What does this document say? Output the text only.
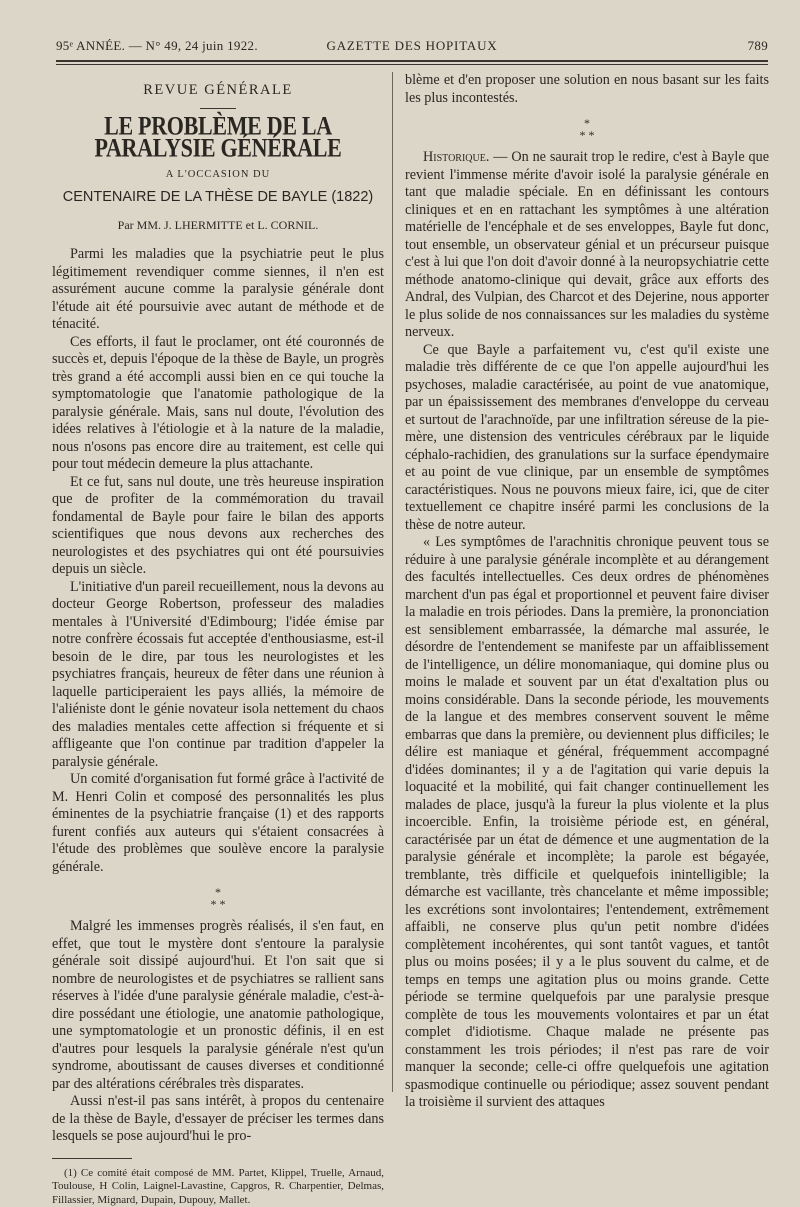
95ᵉ ANNÉE. — N° 49, 24 juin 1922.	GAZETTE DES HOPITAUX	789
REVUE GÉNÉRALE
LE PROBLÈME DE LA PARALYSIE GÉNÉRALE
A L'OCCASION DU
CENTENAIRE DE LA THÈSE DE BAYLE (1822)
Par MM. J. LHERMITTE et L. CORNIL.

Parmi les maladies que la psychiatrie peut le plus légitimement revendiquer comme siennes, il n'en est assurément aucune comme la paralysie générale dont l'étude ait été poursuivie avec autant de méthode et de ténacité.

Ces efforts, il faut le proclamer, ont été couronnés de succès et, depuis l'époque de la thèse de Bayle, un progrès très grand a été accompli aussi bien en ce qui touche la symptomatologie que l'anatomie pathologique de la paralysie générale. Mais, sans nul doute, l'évolution des idées relatives à l'étiologie et à la nature de la maladie, nous n'osons pas encore dire au traitement, est celle qui pour tout médecin demeure la plus attachante.

Et ce fut, sans nul doute, une très heureuse inspiration que de profiter de la commémoration du travail fondamental de Bayle pour faire le bilan des apports scientifiques que nous devons aux recherches des neurologistes et des psychiatres qui ont été poursuivies depuis un siècle.

L'initiative d'un pareil recueillement, nous la devons au docteur George Robertson, professeur des maladies mentales à l'Université d'Edimbourg; l'idée émise par notre confrère écossais fut acceptée d'enthousiasme, est-il besoin de le dire, par tous les neurologistes et les psychiatres français, heureux de fêter dans une réunion à laquelle participeraient les pays alliés, la mémoire de l'aliéniste dont le génie novateur isola nettement du chaos des maladies mentales cette affection si fréquente et si affligeante que l'on continue par tradition d'appeler la paralysie générale.

Un comité d'organisation fut formé grâce à l'activité de M. Henri Colin et composé des personnalités les plus éminentes de la psychiatrie française (1) et des rapports furent confiés aux auteurs qui s'étaient consacrées à l'étude des problèmes que soulève encore la paralysie générale.

*
* *

Malgré les immenses progrès réalisés, il s'en faut, en effet, que tout le mystère dont s'entoure la paralysie générale soit dissipé aujourd'hui. Et l'on sait que si nombre de neurologistes et de psychiatres se rallient sans réserves à l'idée d'une paralysie générale maladie, c'est-à-dire possédant une étiologie, une anatomie pathologique, une symptomatologie et un pronostic définis, il en est d'autres pour lesquels la paralysie générale n'est qu'un syndrome, aboutissant de causes diverses et conditionné par des altérations cérébrales très disparates.

Aussi n'est-il pas sans intérêt, à propos du centenaire de la thèse de Bayle, d'essayer de préciser les termes dans lesquels se pose aujourd'hui le pro-

(1) Ce comité était composé de MM. Partet, Klippel, Truelle, Arnaud, Toulouse, H Colin, Laignel-Lavastine, Capgros, R. Charpentier, Delmas, Fillassier, Mignard, Dupain, Dupouy, Mallet.

blème et d'en proposer une solution en nous basant sur les faits les plus incontestés.

*
* *

Historique. — On ne saurait trop le redire, c'est à Bayle que revient l'immense mérite d'avoir isolé la paralysie générale en tant que maladie spéciale. En en définissant les contours cliniques et en en rattachant les symptômes à une altération matérielle de l'encéphale et de ses enveloppes, Bayle fut donc, tout ensemble, un observateur génial et un précurseur puisque c'est à lui que l'on doit d'avoir donné à la neuropsychiatrie cette méthode anatomo-clinique qui devait, grâce aux efforts des Andral, des Vulpian, des Charcot et des Dejerine, nous apporter le plus solide de nos connaissances sur les maladies du système nerveux.

Ce que Bayle a parfaitement vu, c'est qu'il existe une maladie très différente de ce que l'on appelle aujourd'hui les psychoses, maladie caractérisée, au point de vue anatomique, par un épaississement des membranes d'enveloppe du cerveau et surtout de l'arachnoïde, par une infiltration séreuse de la pie-mère, une distension des ventricules cérébraux par le liquide céphalo-rachidien, des granulations sur la surface épendymaire et au point de vue clinique, par un ensemble de symptômes caractéristiques. Nous ne pouvons mieux faire, ici, que de citer textuellement ce chapitre inséré parmi les conclusions de la thèse de notre auteur.

« Les symptômes de l'arachnitis chronique peuvent tous se réduire à une paralysie générale incomplète et au dérangement des facultés intellectuelles. Ces deux ordres de phénomènes marchent d'un pas égal et proportionnel et peuvent faire diviser la maladie en trois périodes. Dans la première, la prononciation est sensiblement embarrassée, la démarche mal assurée, le désordre de l'entendement se manifeste par un affaiblissement de l'intelligence, un délire monomaniaque, qui domine plus ou moins le malade et souvent par un état d'exaltation plus ou moins considérable. Dans la seconde période, les mouvements de la langue et des membres conservent souvent le même embarras que dans la première, ou deviennent plus difficiles; le délire est maniaque et général, fréquemment accompagné d'idées dominantes; il y a de l'agitation qui varie depuis la loquacité et la mobilité, qui fait changer continuellement les malades de place, jusqu'à la fureur la plus violente et la plus incoercible. Enfin, la troisième période est, en général, caractérisée par un état de démence et une augmentation de la paralysie générale et incomplète; la parole est bégayée, tremblante, très difficile et quelquefois inintelligible; la démarche est vacillante, très chancelante et même impossible; les excrétions sont involontaires; l'entendement, extrêmement affaibli, ne conserve plus qu'un petit nombre d'idées complètement incohérentes, qui sont tantôt vagues, et tantôt plus ou moins posées; il y a le plus souvent du calme, et de temps en temps une agitation plus ou moins grande. Cette période se termine quelquefois par une paralysie presque complète de tous les mouvements volontaires et par un état complet d'idiotisme. Chaque malade ne présente pas constamment les trois périodes; il n'est pas rare de voir manquer la seconde; celle-ci offre quelquefois une agitation spasmodique continuelle ou périodique; assez souvent pendant la troisième il survient des attaques
